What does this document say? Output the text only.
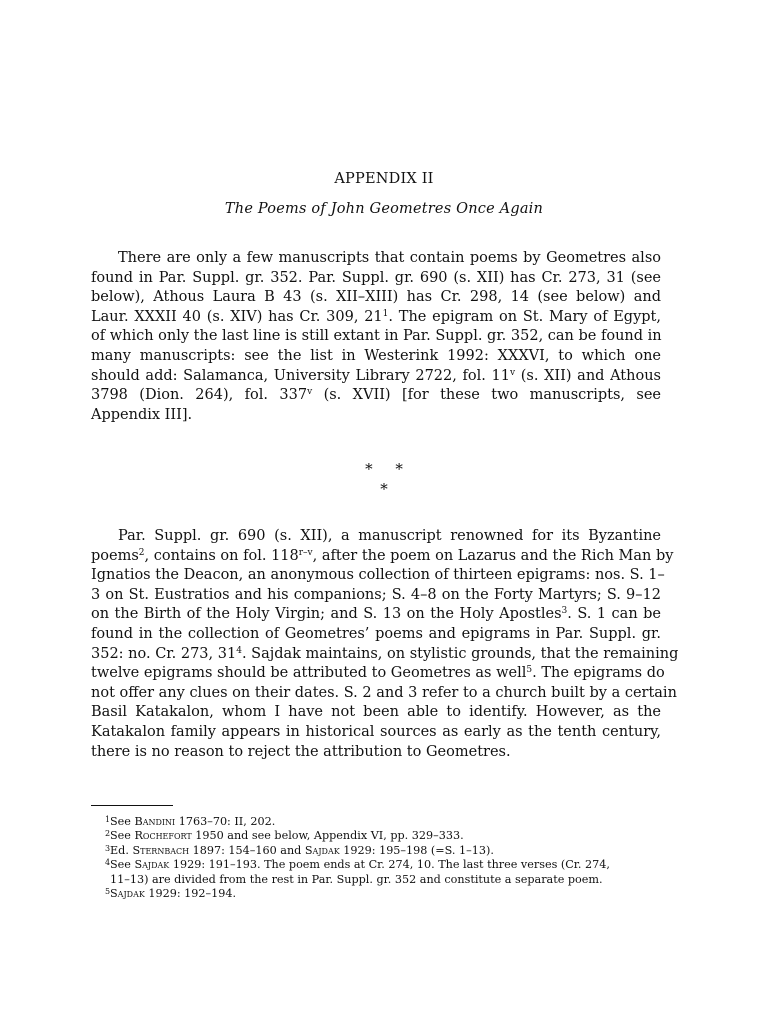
APPENDIX II
The Poems of John Geometres Once Again

There are only a few manuscripts that contain poems by Geometres also
found in Par. Suppl. gr. 352. Par. Suppl. gr. 690 (s. XII) has Cr. 273, 31 (see
below), Athous Laura B 43 (s. XII–XIII) has Cr. 298, 14 (see below) and
Laur. XXXII 40 (s. XIV) has Cr. 309, $21^1$. The epigram on St. Mary of Egypt,
of which only the last line is still extant in Par. Suppl. gr. 352, can be found in
many manuscripts: see the list in Westerink 1992: XXXVI, to which one
should add: Salamanca, University Library 2722, fol. 11$^v$ (s. XII) and Athous
3798 (Dion. 264), fol. 337$^v$ (s. XVII) [for these two manuscripts, see
Appendix III].

* *
*

Par. Suppl. gr. 690 (s. XII), a manuscript renowned for its Byzantine
poems$^2$, contains on fol. 118$^{r-v}$, after the poem on Lazarus and the Rich Man by
Ignatios the Deacon, an anonymous collection of thirteen epigrams: nos. S. 1–
3 on St. Eustratios and his companions; S. 4–8 on the Forty Martyrs; S. 9–12
on the Birth of the Holy Virgin; and S. 13 on the Holy Apostles$^3$. S. 1 can be
found in the collection of Geometres’ poems and epigrams in Par. Suppl. gr.
352: no. Cr. 273, $31^4$. Sajdak maintains, on stylistic grounds, that the remaining
twelve epigrams should be attributed to Geometres as well$^5$. The epigrams do
not offer any clues on their dates. S. 2 and 3 refer to a church built by a certain
Basil Katakalon, whom I have not been able to identify. However, as the
Katakalon family appears in historical sources as early as the tenth century,
there is no reason to reject the attribution to Geometres.

1 See Bandini 1763–70: II, 202.
2 See Rochefort 1950 and see below, Appendix VI, pp. 329–333.
3 Ed. Sternbach 1897: 154–160 and Sajdak 1929: 195–198 (=S. 1–13).
4 See Sajdak 1929: 191–193. The poem ends at Cr. 274, 10. The last three verses (Cr. 274,
11–13) are divided from the rest in Par. Suppl. gr. 352 and constitute a separate poem.
5 Sajdak 1929: 192–194.
